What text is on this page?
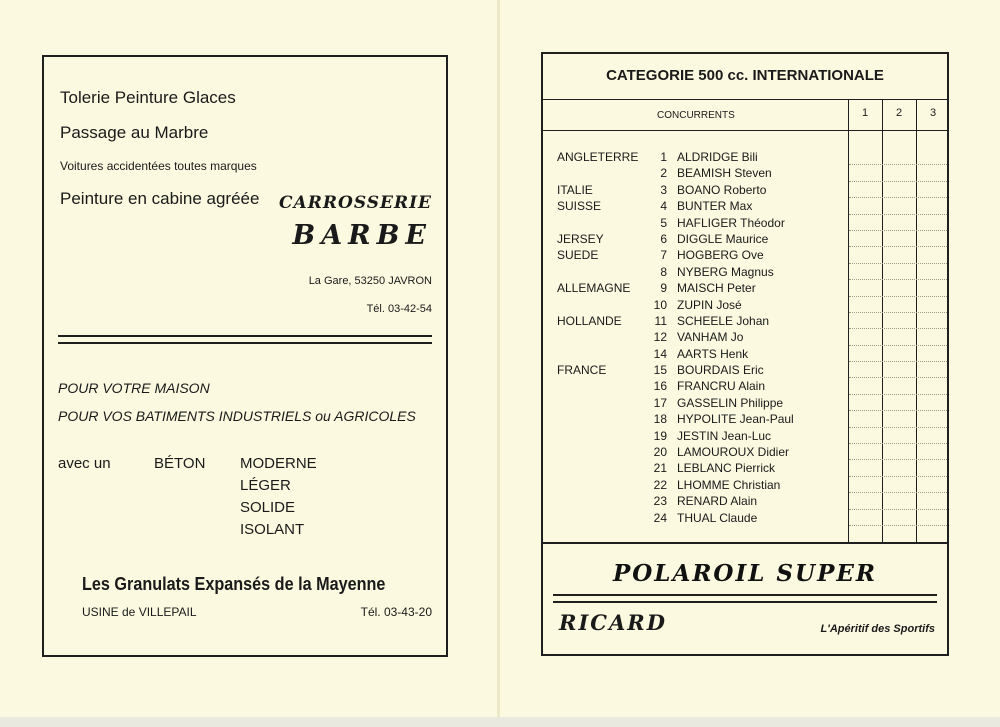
Tolerie Peinture Glaces
Passage au Marbre
Voitures accidentées toutes marques
Peinture en cabine agréée CARROSSERIE
BARBE
La Gare, 53250 JAVRON
Tél. 03-42-54
POUR VOTRE MAISON
POUR VOS BATIMENTS INDUSTRIELS ou AGRICOLES
avec un	BÉTON MODERNE
LÉGER
SOLIDE
ISOLANT
Les Granulats Expansés de la Mayenne
USINE de VILLEPAIL	Tél. 03-43-20
CATEGORIE 500 cc. INTERNATIONALE
CONCURRENTS	1	2	3
ANGLETERRE	1 ALDRIDGE Bili
2 BEAMISH Steven
ITALIE	3 BOANO Roberto
SUISSE	4 BUNTER Max
5 HAFLIGER Théodor
JERSEY	6 DIGGLE Maurice
SUEDE	7 HOGBERG Ove
8 NYBERG Magnus
ALLEMAGNE	9 MAISCH Peter
10 ZUPIN José
HOLLANDE	11 SCHEELE Johan
12 VANHAM Jo
14 AARTS Henk
FRANCE	15 BOURDAIS Eric
16 FRANCRU Alain
17 GASSELIN Philippe
18 HYPOLITE Jean-Paul
19 JESTIN Jean-Luc
20 LAMOUROUX Didier
21 LEBLANC Pierrick
22 LHOMME Christian
23 RENARD Alain
24 THUAL Claude
POLAROIL SUPER
RICARD	L'Apéritif des Sportifs
